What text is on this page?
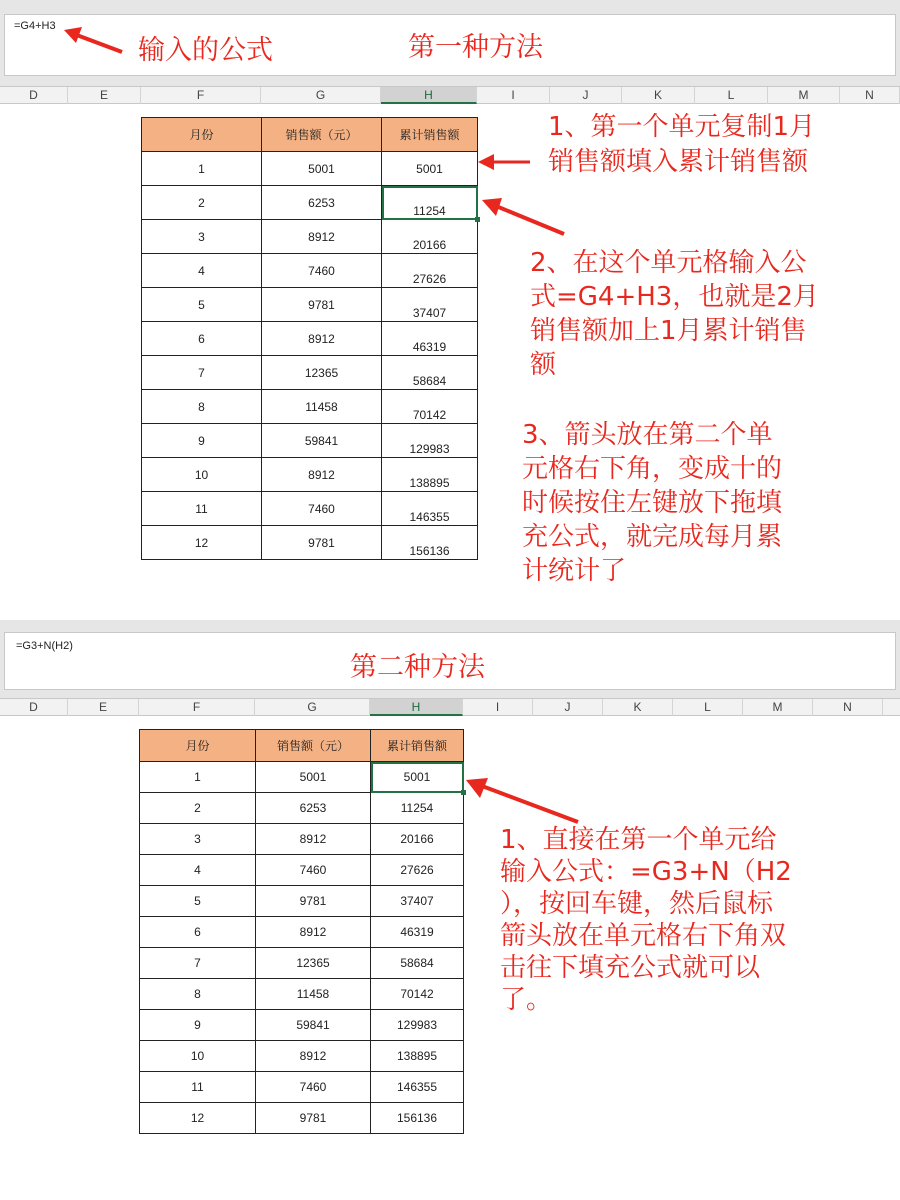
=G4+H3
输入的公式	第一种方法
D	E	F	G	H	I	J	K	L	M	N
月份	销售额（元）	累计销售额
1	5001	5001
2	6253	11254

3	8912	20166
4	7460	27626
5	9781	37407
6	8912	46319
7	12365	58684
8	11458	70142
9	59841	129983
10	8912	138895
11	7460	146355
12	9781	156136
1、第一个单元复制1月
销售额填入累计销售额
2、在这个单元格输入公
式=G4+H3，也就是2月
销售额加上1月累计销售
额
3、箭头放在第二个单
元格右下角，变成十的
时候按住左键放下拖填
充公式，就完成每月累
计统计了
=G3+N(H2)
第二种方法
D	E	F	G	H	I	J	K	L	M	N
月份	销售额（元）	累计销售额
1	5001	5001

2	6253	11254
3	8912	20166
4	7460	27626
5	9781	37407
6	8912	46319
7	12365	58684
8	11458	70142
9	59841	129983
10	8912	138895
11	7460	146355
12	9781	156136
1、直接在第一个单元给
输入公式：=G3+N（H2
），按回车键，然后鼠标
箭头放在单元格右下角双
击往下填充公式就可以
了。
